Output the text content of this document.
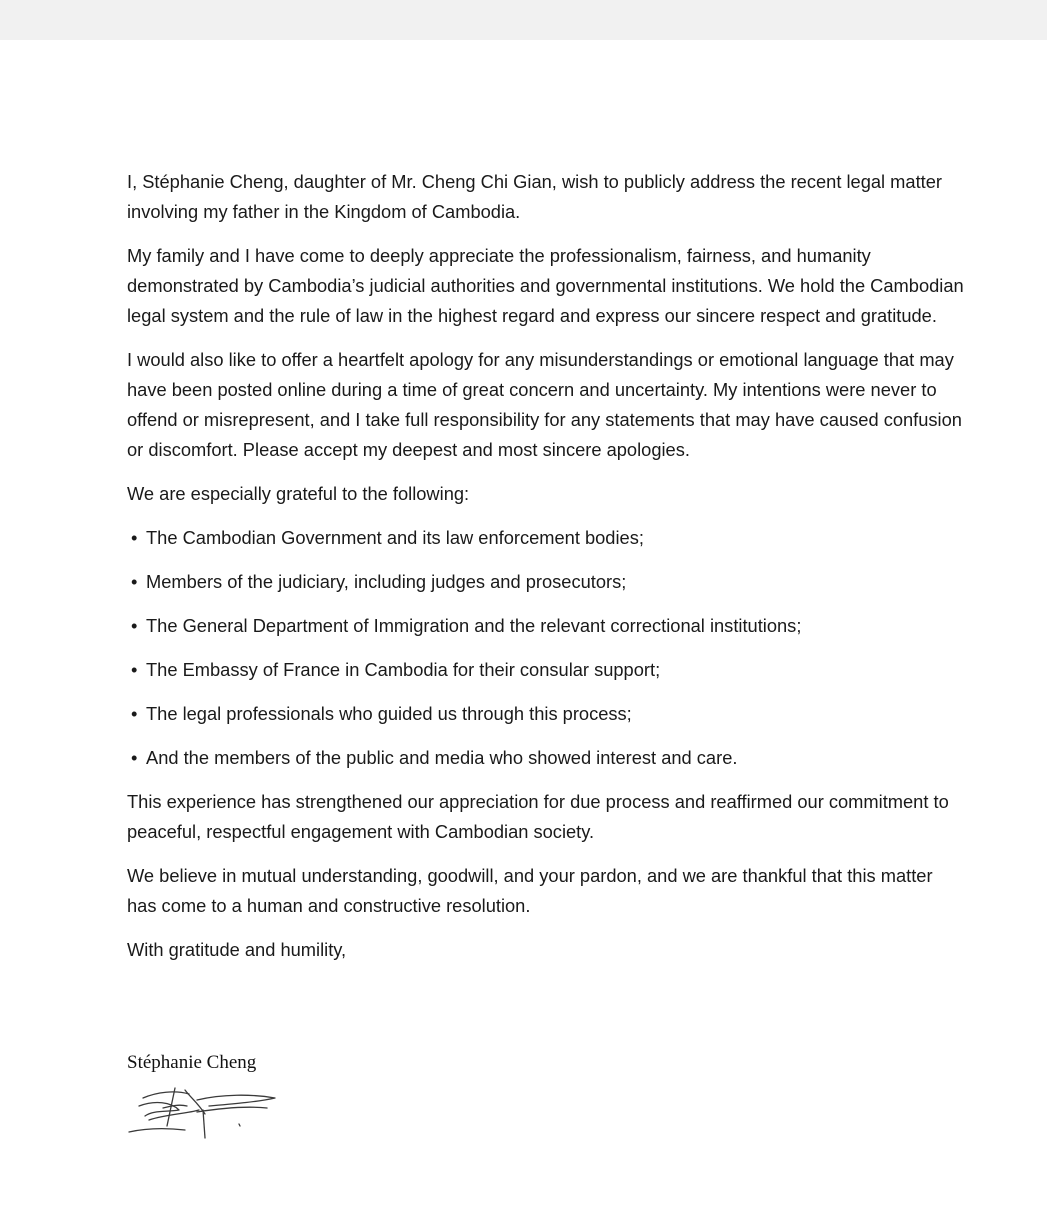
I, Stéphanie Cheng, daughter of Mr. Cheng Chi Gian, wish to publicly address the recent legal matter involving my father in the Kingdom of Cambodia.

My family and I have come to deeply appreciate the professionalism, fairness, and humanity demonstrated by Cambodia’s judicial authorities and governmental institutions. We hold the Cambodian legal system and the rule of law in the highest regard and express our sincere respect and gratitude.

I would also like to offer a heartfelt apology for any misunderstandings or emotional language that may have been posted online during a time of great concern and uncertainty. My intentions were never to offend or misrepresent, and I take full responsibility for any statements that may have caused confusion or discomfort. Please accept my deepest and most sincere apologies.

We are especially grateful to the following:

• The Cambodian Government and its law enforcement bodies;
• Members of the judiciary, including judges and prosecutors;
• The General Department of Immigration and the relevant correctional institutions;
• The Embassy of France in Cambodia for their consular support;
• The legal professionals who guided us through this process;
• And the members of the public and media who showed interest and care.

This experience has strengthened our appreciation for due process and reaffirmed our commitment to peaceful, respectful engagement with Cambodian society.

We believe in mutual understanding, goodwill, and your pardon, and we are thankful that this matter has come to a human and constructive resolution.

With gratitude and humility,

Stéphanie Cheng
